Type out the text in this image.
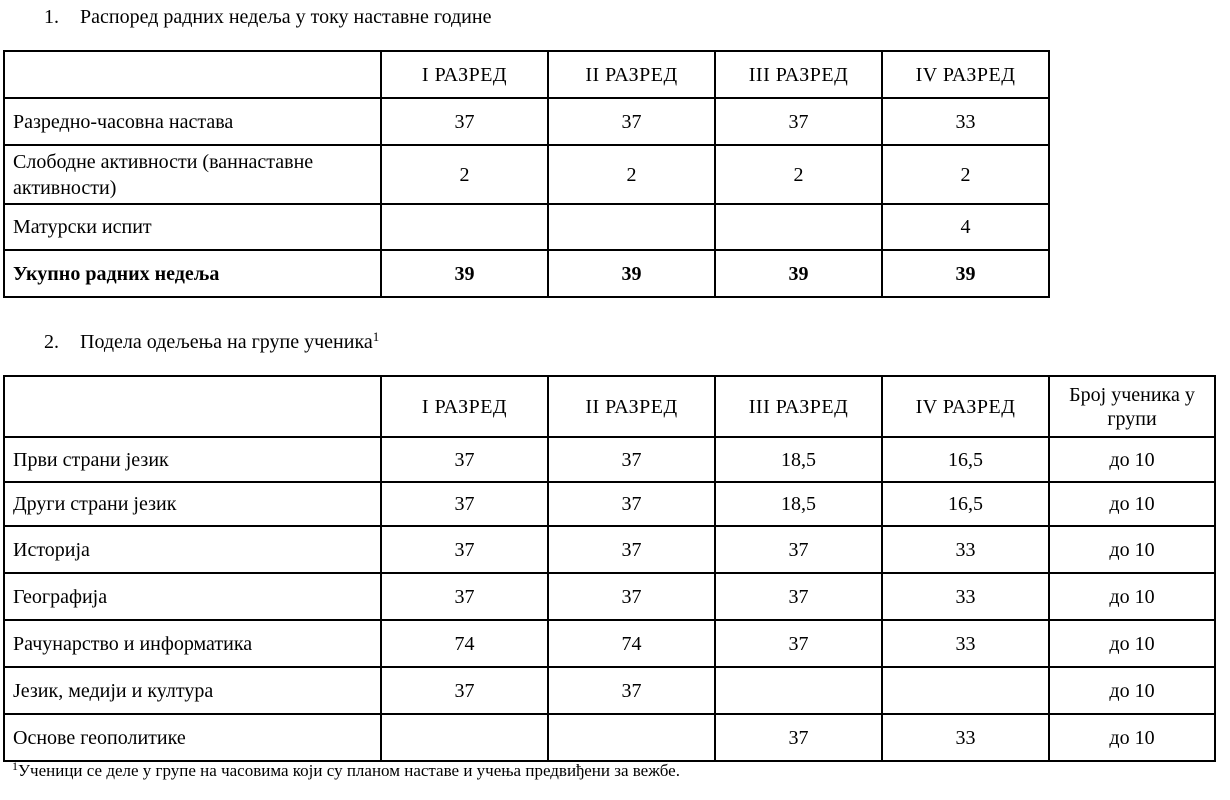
1. Распоред радних недеља у току наставне године
	I РАЗРЕД	II РАЗРЕД	III РАЗРЕД	IV РАЗРЕД
Разредно-часовна настава	37	37	37	33
Слободне активности (ваннаставне активности)	2	2	2	2
Матурски испит				4
Укупно радних недеља	39	39	39	39
2. Подела одељења на групе ученика$^1$
	I РАЗРЕД	II РАЗРЕД	III РАЗРЕД	IV РАЗРЕД	Број ученика у групи
Први страни језик	37	37	18,5	16,5	до 10
Други страни језик	37	37	18,5	16,5	до 10
Историја	37	37	37	33	до 10
Географија	37	37	37	33	до 10
Рачунарство и информатика	74	74	37	33	до 10
Језик, медији и култура	37	37			до 10
Основе геополитике			37	33	до 10
$^1$Ученици се деле у групе на часовима који су планом наставе и учења предвиђени за вежбе.
